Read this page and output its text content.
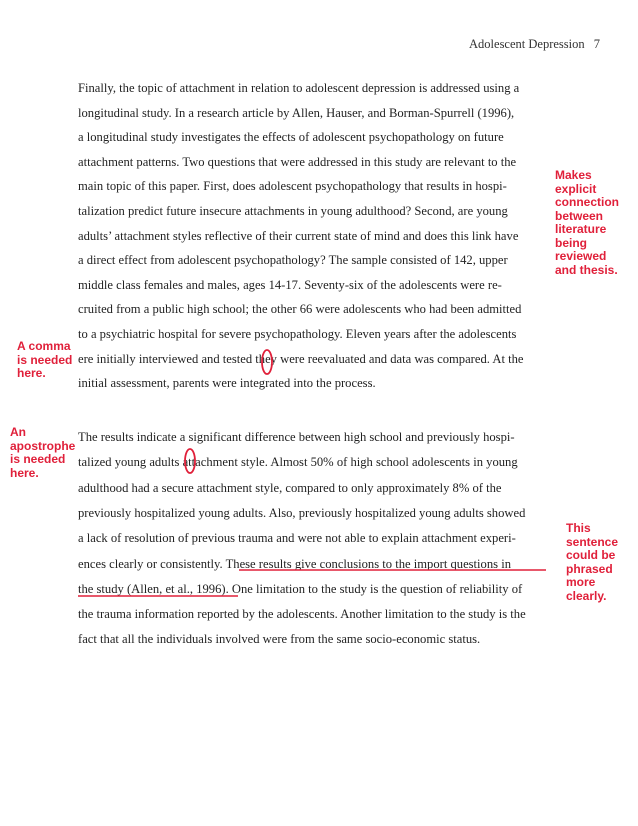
Adolescent Depression 7
Finally, the topic of attachment in relation to adolescent depression is addressed using a
longitudinal study. In a research article by Allen, Hauser, and Borman-Spurrell (1996),
a longitudinal study investigates the effects of adolescent psychopathology on future
attachment patterns. Two questions that were addressed in this study are relevant to the
main topic of this paper. First, does adolescent psychopathology that results in hospi-
talization predict future insecure attachments in young adulthood? Second, are young
adults’ attachment styles reflective of their current state of mind and does this link have
a direct effect from adolescent psychopathology? The sample consisted of 142, upper
middle class females and males, ages 14-17. Seventy-six of the adolescents were re-
cruited from a public high school; the other 66 were adolescents who had been admitted
to a psychiatric hospital for severe psychopathology. Eleven years after the adolescents
ere initially interviewed and tested they were reevaluated and data was compared. At the
initial assessment, parents were integrated into the process.
The results indicate a significant difference between high school and previously hospi-
talized young adults attachment style. Almost 50% of high school adolescents in young
adulthood had a secure attachment style, compared to only approximately 8% of the
previously hospitalized young adults. Also, previously hospitalized young adults showed
a lack of resolution of previous trauma and were not able to explain attachment experi-
ences clearly or consistently. These results give conclusions to the import questions in
the study (Allen, et al., 1996). One limitation to the study is the question of reliability of
the trauma information reported by the adolescents. Another limitation to the study is the
fact that all the individuals involved were from the same socio-economic status.
Makes
explicit
connection
between
literature
being
reviewed
and thesis.
A comma
is needed
here.
An
apostrophe
is needed
here.
This
sentence
could be
phrased
more
clearly.
